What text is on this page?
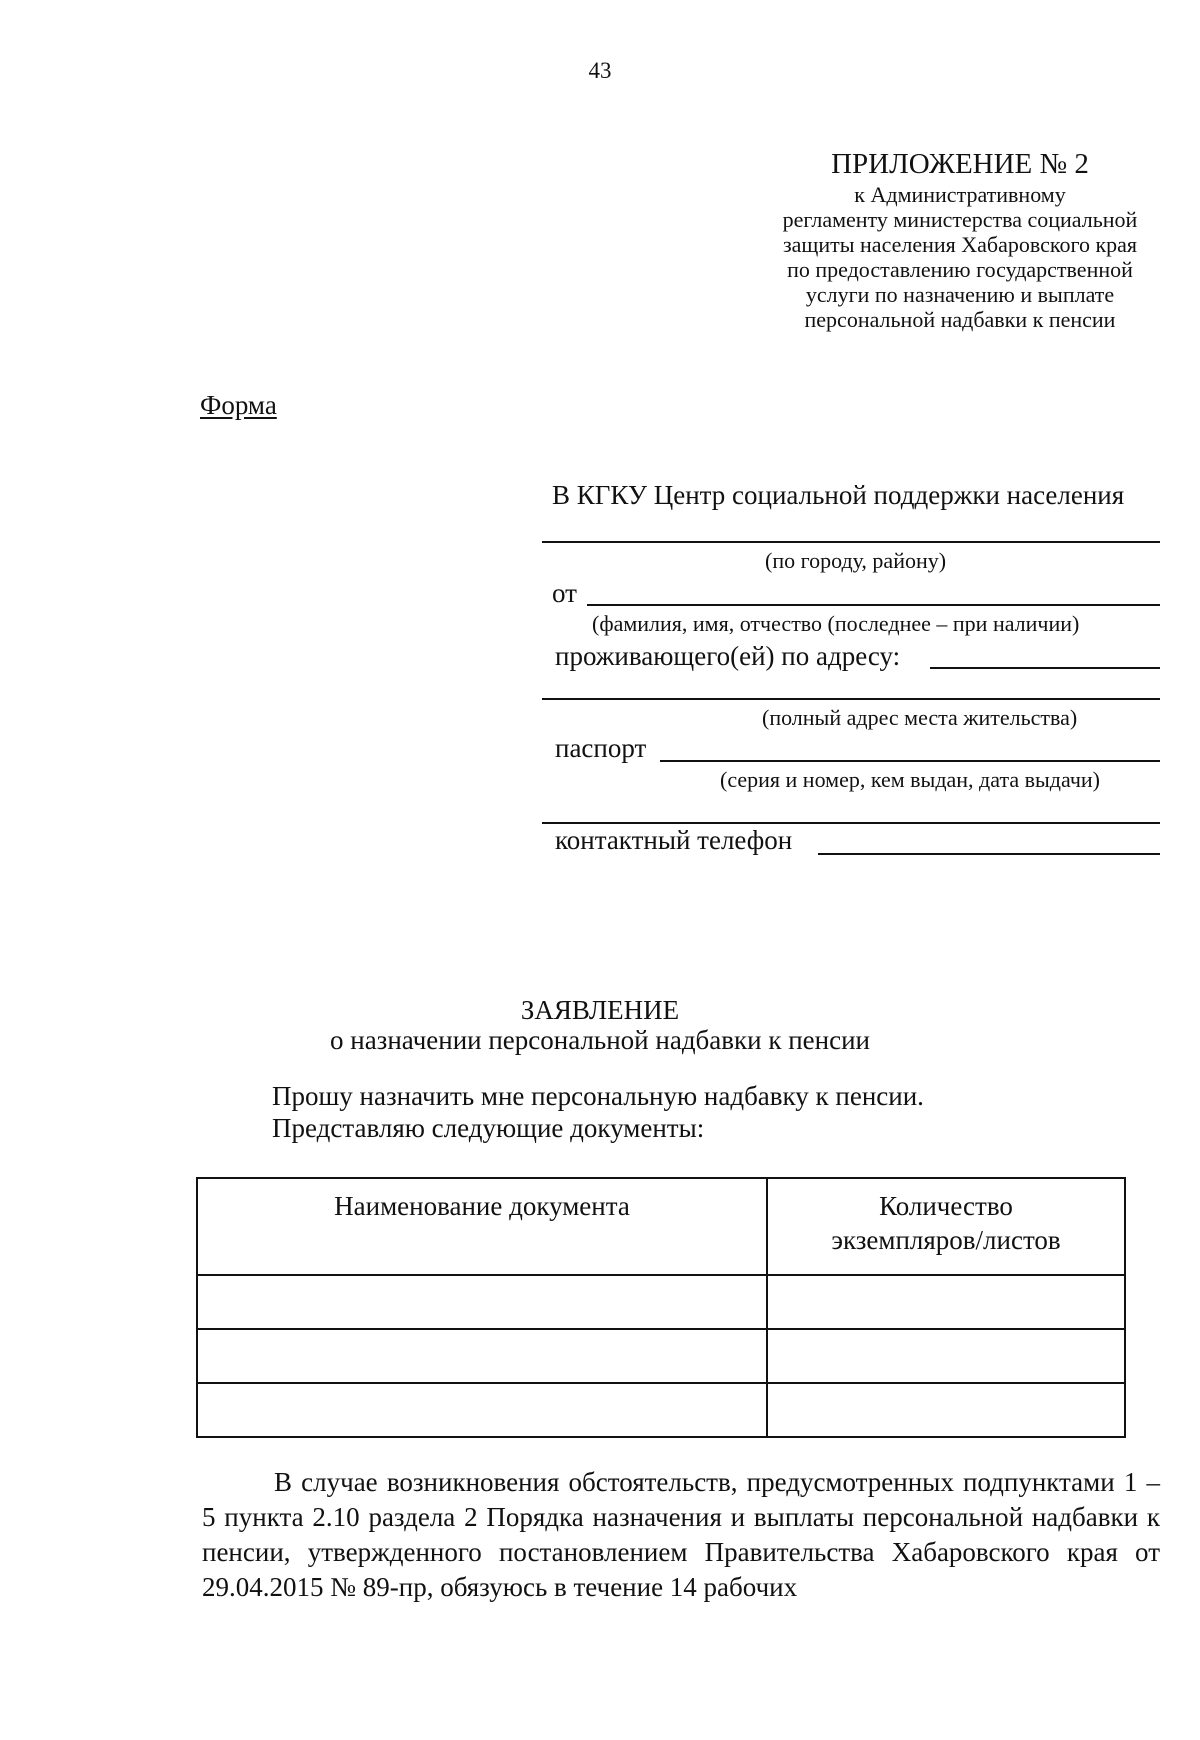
43
ПРИЛОЖЕНИЕ № 2
к Административному
регламенту министерства социальной
защиты населения Хабаровского края
по предоставлению государственной
услуги по назначению и выплате
персональной надбавки к пенсии
Форма
В КГКУ Центр социальной поддержки населения
(по городу, району)
от
(фамилия, имя, отчество (последнее – при наличии)
проживающего(ей) по адресу:
(полный адрес места жительства)
паспорт
(серия и номер, кем выдан, дата выдачи)
контактный телефон
ЗАЯВЛЕНИЕ
о назначении персональной надбавки к пенсии
Прошу назначить мне персональную надбавку к пенсии.
Представляю следующие документы:
Наименование документа	Количество
экземпляров/листов

В случае возникновения обстоятельств, предусмотренных подпунктами 1 – 5 пункта 2.10 раздела 2 Порядка назначения и выплаты персональной надбавки к пенсии, утвержденного постановлением Правительства Хабаровского края от 29.04.2015 № 89-пр, обязуюсь в течение 14 рабочих
